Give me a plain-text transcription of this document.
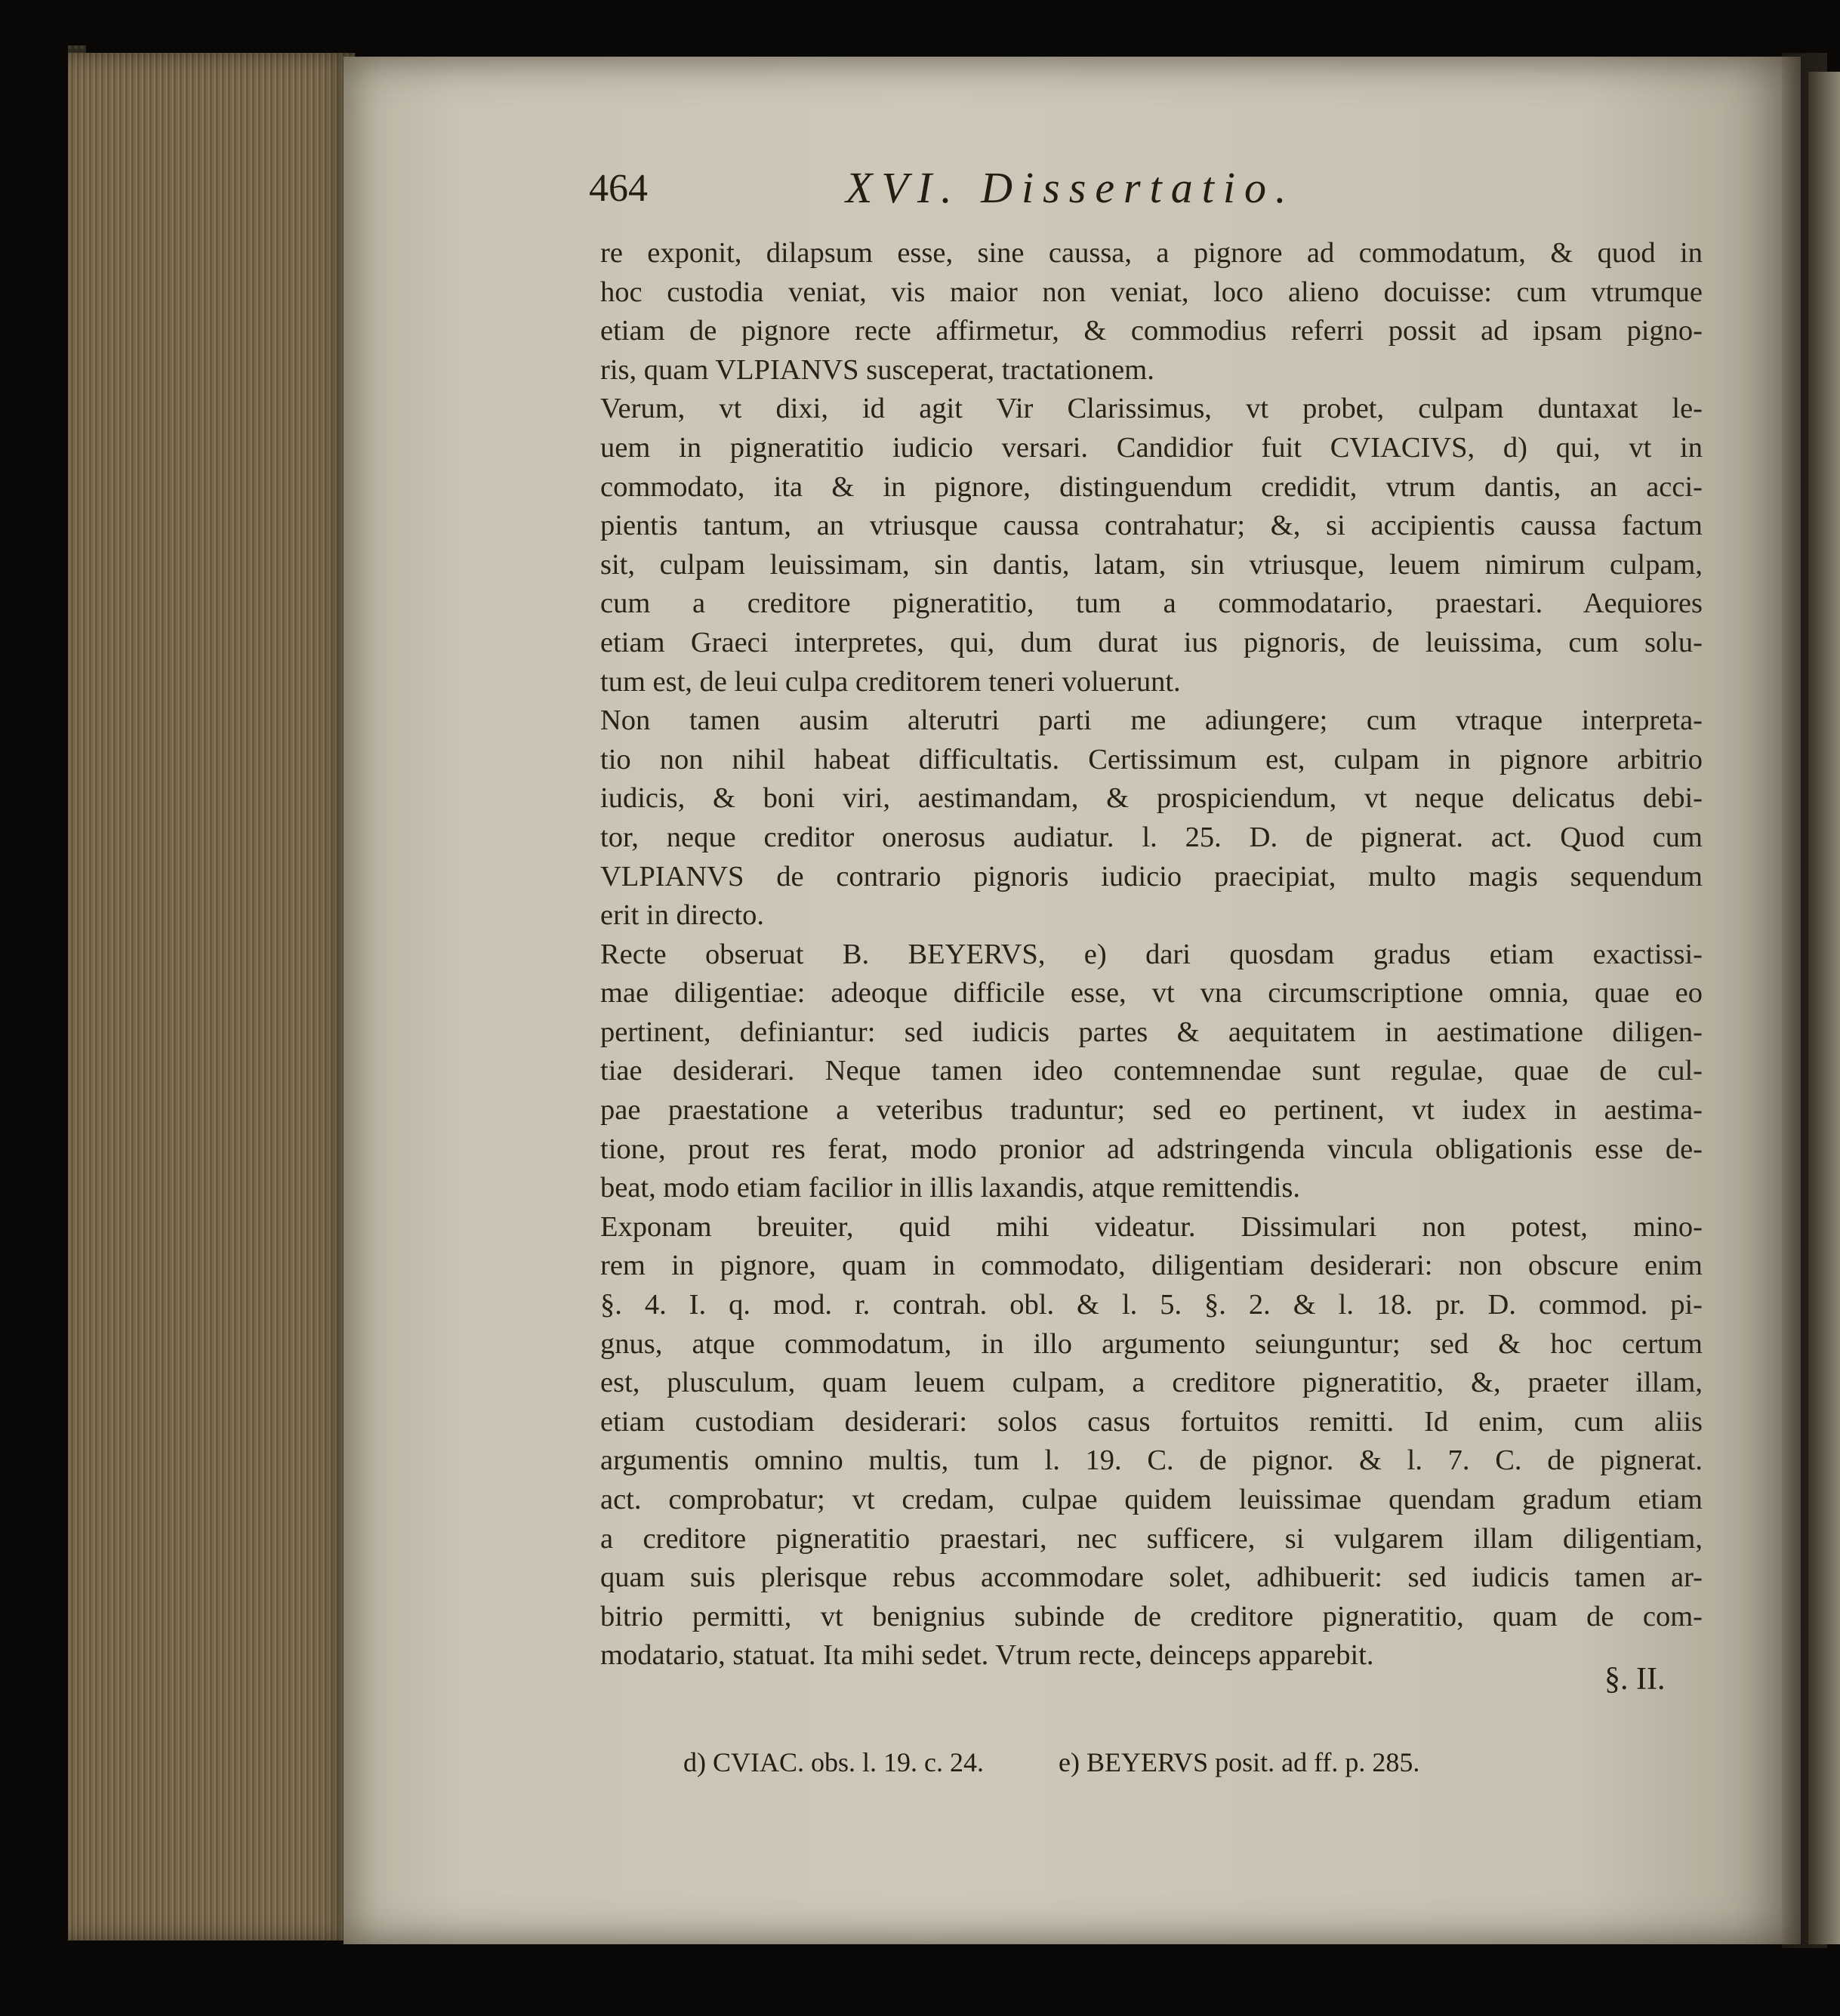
464	XVI. Dissertatio.
re exponit, dilapsum esse, sine caussa, a pignore ad commodatum, & quod in
hoc custodia veniat, vis maior non veniat, loco alieno docuisse: cum vtrumque
etiam de pignore recte affirmetur, & commodius referri possit ad ipsam pigno-
ris, quam VLPIANVS susceperat, tractationem.
Verum, vt dixi, id agit Vir Clarissimus, vt probet, culpam duntaxat le-
uem in pigneratitio iudicio versari. Candidior fuit CVIACIVS, d) qui, vt in
commodato, ita & in pignore, distinguendum credidit, vtrum dantis, an acci-
pientis tantum, an vtriusque caussa contrahatur; &, si accipientis caussa factum
sit, culpam leuissimam, sin dantis, latam, sin vtriusque, leuem nimirum culpam,
cum a creditore pigneratitio, tum a commodatario, praestari. Aequiores
etiam Graeci interpretes, qui, dum durat ius pignoris, de leuissima, cum solu-
tum est, de leui culpa creditorem teneri voluerunt.
Non tamen ausim alterutri parti me adiungere; cum vtraque interpreta-
tio non nihil habeat difficultatis. Certissimum est, culpam in pignore arbitrio
iudicis, & boni viri, aestimandam, & prospiciendum, vt neque delicatus debi-
tor, neque creditor onerosus audiatur. l. 25. D. de pignerat. act. Quod cum
VLPIANVS de contrario pignoris iudicio praecipiat, multo magis sequendum
erit in directo.
Recte obseruat B. BEYERVS, e) dari quosdam gradus etiam exactissi-
mae diligentiae: adeoque difficile esse, vt vna circumscriptione omnia, quae eo
pertinent, definiantur: sed iudicis partes & aequitatem in aestimatione diligen-
tiae desiderari. Neque tamen ideo contemnendae sunt regulae, quae de cul-
pae praestatione a veteribus traduntur; sed eo pertinent, vt iudex in aestima-
tione, prout res ferat, modo pronior ad adstringenda vincula obligationis esse de-
beat, modo etiam facilior in illis laxandis, atque remittendis.
Exponam breuiter, quid mihi videatur. Dissimulari non potest, mino-
rem in pignore, quam in commodato, diligentiam desiderari: non obscure enim
§. 4. I. q. mod. r. contrah. obl. & l. 5. §. 2. & l. 18. pr. D. commod. pi-
gnus, atque commodatum, in illo argumento seiunguntur; sed & hoc certum
est, plusculum, quam leuem culpam, a creditore pigneratitio, &, praeter illam,
etiam custodiam desiderari: solos casus fortuitos remitti. Id enim, cum aliis
argumentis omnino multis, tum l. 19. C. de pignor. & l. 7. C. de pignerat.
act. comprobatur; vt credam, culpae quidem leuissimae quendam gradum etiam
a creditore pigneratitio praestari, nec sufficere, si vulgarem illam diligentiam,
quam suis plerisque rebus accommodare solet, adhibuerit: sed iudicis tamen ar-
bitrio permitti, vt benignius subinde de creditore pigneratitio, quam de com-
modatario, statuat. Ita mihi sedet. Vtrum recte, deinceps apparebit.
§. II.
d) CVIAC. obs. l. 19. c. 24.	e) BEYERVS posit. ad ff. p. 285.
